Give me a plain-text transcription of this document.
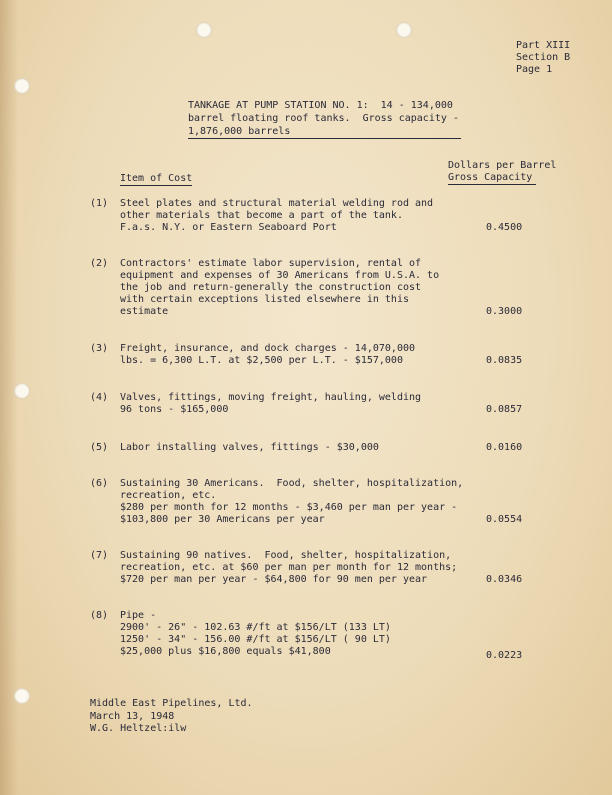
Part XIII
Section B
Page 1
TANKAGE AT PUMP STATION NO. 1:  14 - 134,000
barrel floating roof tanks.  Gross capacity -
1,876,000 barrels
Dollars per Barrel
Gross Capacity
Item of Cost
(1) Steel plates and structural material welding rod and
other materials that become a part of the tank.
F.a.s. N.Y. or Eastern Seaboard Port	0.4500
(2) Contractors' estimate labor supervision, rental of
equipment and expenses of 30 Americans from U.S.A. to
the job and return-generally the construction cost
with certain exceptions listed elsewhere in this
estimate	0.3000
(3) Freight, insurance, and dock charges - 14,070,000
lbs. = 6,300 L.T. at $2,500 per L.T. - $157,000	0.0835
(4) Valves, fittings, moving freight, hauling, welding
96 tons - $165,000	0.0857
(5) Labor installing valves, fittings - $30,000	0.0160
(6) Sustaining 30 Americans.  Food, shelter, hospitalization,
recreation, etc.
$280 per month for 12 months - $3,460 per man per year -
$103,800 per 30 Americans per year	0.0554
(7) Sustaining 90 natives.  Food, shelter, hospitalization,
recreation, etc. at $60 per man per month for 12 months;
$720 per man per year - $64,800 for 90 men per year	0.0346
(8) Pipe -
2900' - 26" - 102.63 #/ft at $156/LT (133 LT)
1250' - 34" - 156.00 #/ft at $156/LT ( 90 LT)
$25,000 plus $16,800 equals $41,800	0.0223
Middle East Pipelines, Ltd.
March 13, 1948
W.G. Heltzel:ilw
